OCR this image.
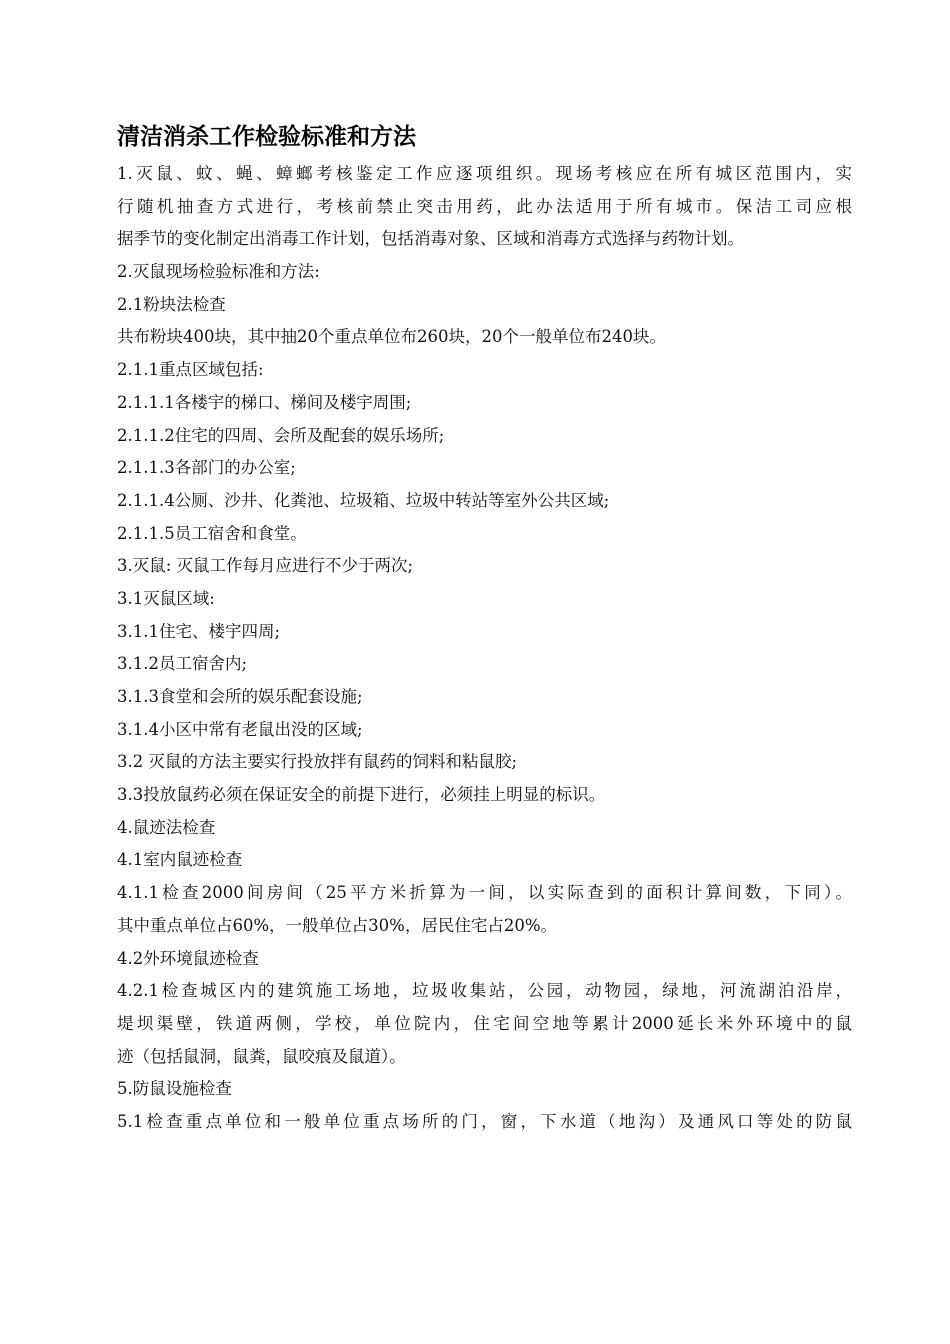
清洁消杀工作检验标准和方法
1.灭鼠、蚊、蝇、蟑螂考核鉴定工作应逐项组织。现场考核应在所有城区范围内，实
行随机抽查方式进行，考核前禁止突击用药，此办法适用于所有城市。保洁工司应根
据季节的变化制定出消毒工作计划，包括消毒对象、区域和消毒方式选择与药物计划。
2.灭鼠现场检验标准和方法:
2.1粉块法检查
共布粉块400块，其中抽20个重点单位布260块，20个一般单位布240块。
2.1.1重点区域包括:
2.1.1.1各楼宇的梯口、梯间及楼宇周围;
2.1.1.2住宅的四周、会所及配套的娱乐场所;
2.1.1.3各部门的办公室;
2.1.1.4公厕、沙井、化粪池、垃圾箱、垃圾中转站等室外公共区域;
2.1.1.5员工宿舍和食堂。
3.灭鼠: 灭鼠工作每月应进行不少于两次;
3.1灭鼠区域:
3.1.1住宅、楼宇四周;
3.1.2员工宿舍内;
3.1.3食堂和会所的娱乐配套设施;
3.1.4小区中常有老鼠出没的区域;
3.2 灭鼠的方法主要实行投放拌有鼠药的饲料和粘鼠胶;
3.3投放鼠药必须在保证安全的前提下进行，必须挂上明显的标识。
4.鼠迹法检查
4.1室内鼠迹检查
4.1.1检查2000间房间（25平方米折算为一间，以实际查到的面积计算间数，下同）。
其中重点单位占60%，一般单位占30%，居民住宅占20%。
4.2外环境鼠迹检查
4.2.1检查城区内的建筑施工场地，垃圾收集站，公园，动物园，绿地，河流湖泊沿岸，
堤坝渠壁，铁道两侧，学校，单位院内，住宅间空地等累计2000延长米外环境中的鼠
迹（包括鼠洞，鼠粪，鼠咬痕及鼠道）。
5.防鼠设施检查
5.1检查重点单位和一般单位重点场所的门，窗，下水道（地沟）及通风口等处的防鼠
